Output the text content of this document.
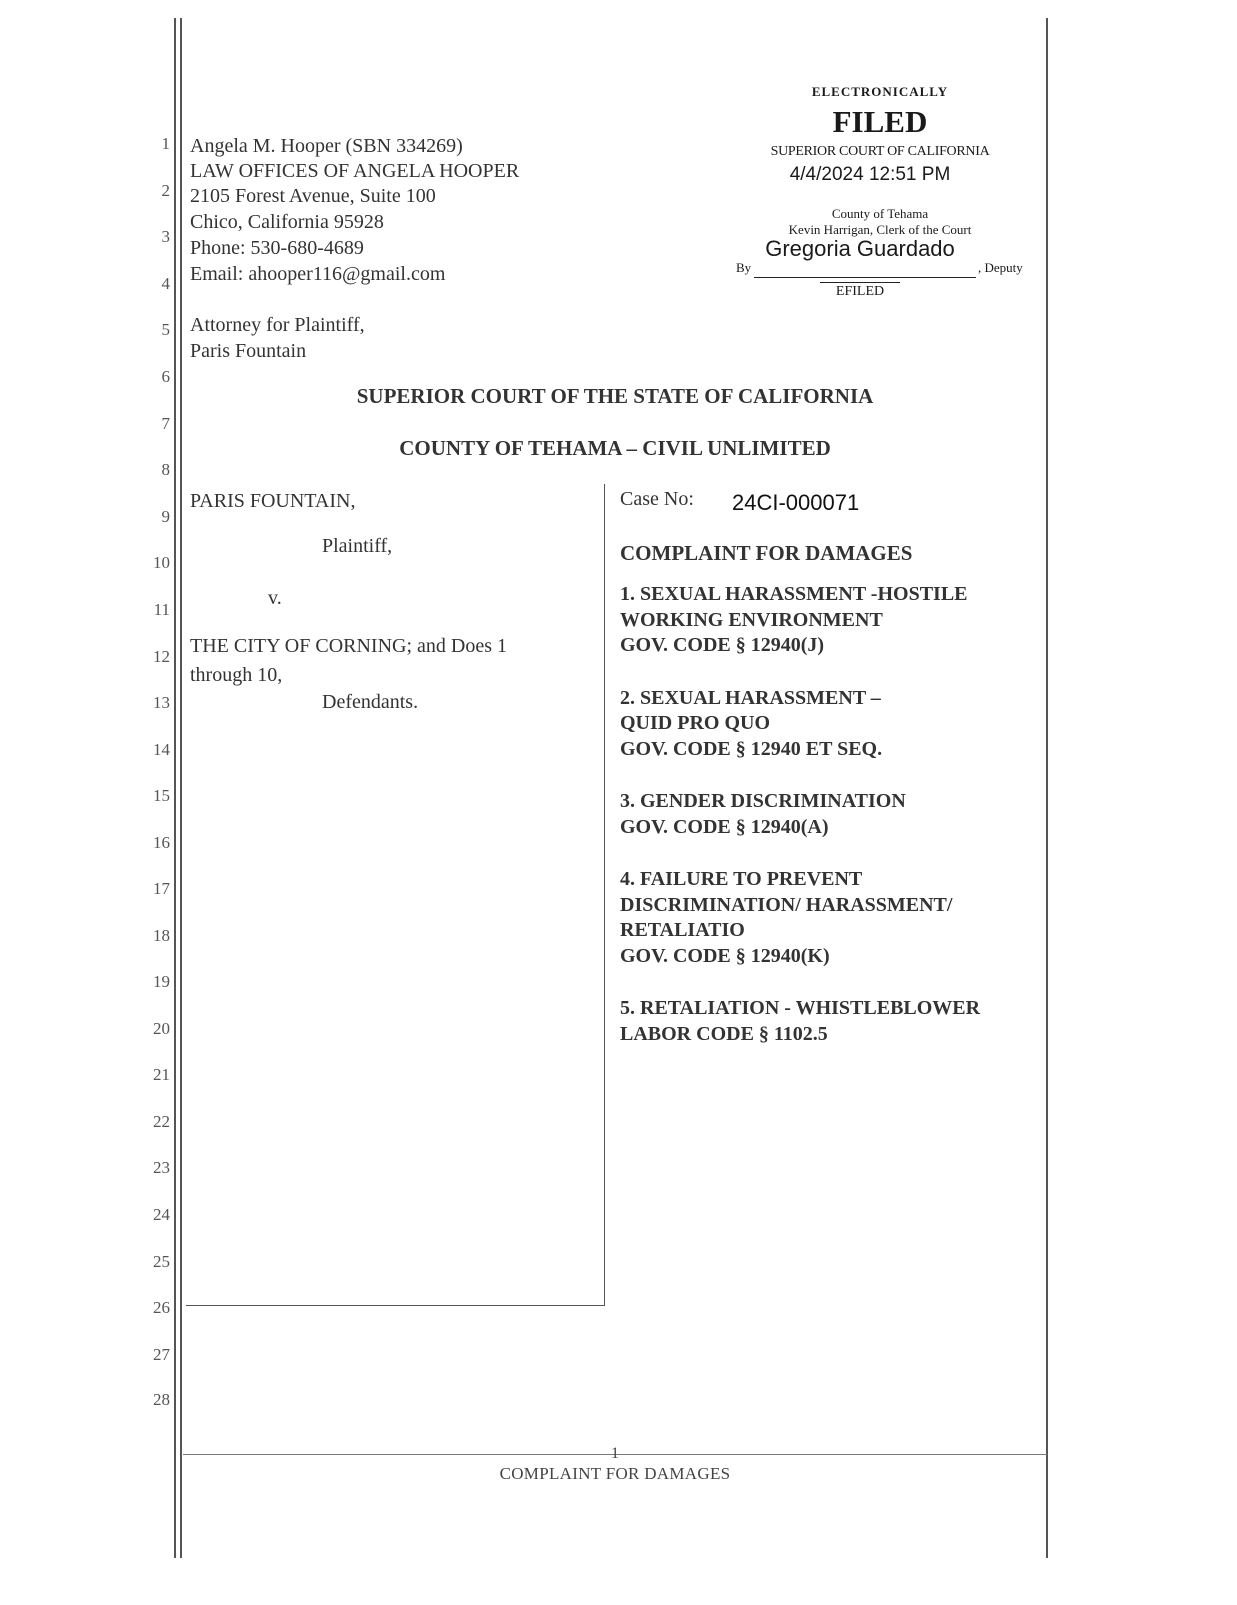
1
2
3
4
5
6
7
8
9
10
11
12
13
14
15
16
17
18
19
20
21
22
23
24
25
26
27
28
Angela M. Hooper (SBN 334269)
LAW OFFICES OF ANGELA HOOPER
2105 Forest Avenue, Suite 100
Chico, California 95928
Phone: 530-680-4689
Email: ahooper116@gmail.com
Attorney for Plaintiff,
Paris Fountain
ELECTRONICALLY
FILED
SUPERIOR COURT OF CALIFORNIA
4/4/2024 12:51 PM
County of Tehama
Kevin Harrigan, Clerk of the Court
Gregoria Guardado
By	, Deputy
EFILED
SUPERIOR COURT OF THE STATE OF CALIFORNIA
COUNTY OF TEHAMA – CIVIL UNLIMITED
PARIS FOUNTAIN,
Plaintiff,
v.
THE CITY OF CORNING; and Does 1
through 10,
Defendants.
Case No: 24CI-000071
COMPLAINT FOR DAMAGES
1. SEXUAL HARASSMENT -HOSTILE
WORKING ENVIRONMENT
GOV. CODE § 12940(J)
2. SEXUAL HARASSMENT –
QUID PRO QUO
GOV. CODE § 12940 ET SEQ.
3. GENDER DISCRIMINATION
GOV. CODE § 12940(A)
4. FAILURE TO PREVENT
DISCRIMINATION/ HARASSMENT/
RETALIATIO
GOV. CODE § 12940(K)
5. RETALIATION - WHISTLEBLOWER
LABOR CODE § 1102.5
1
COMPLAINT FOR DAMAGES
